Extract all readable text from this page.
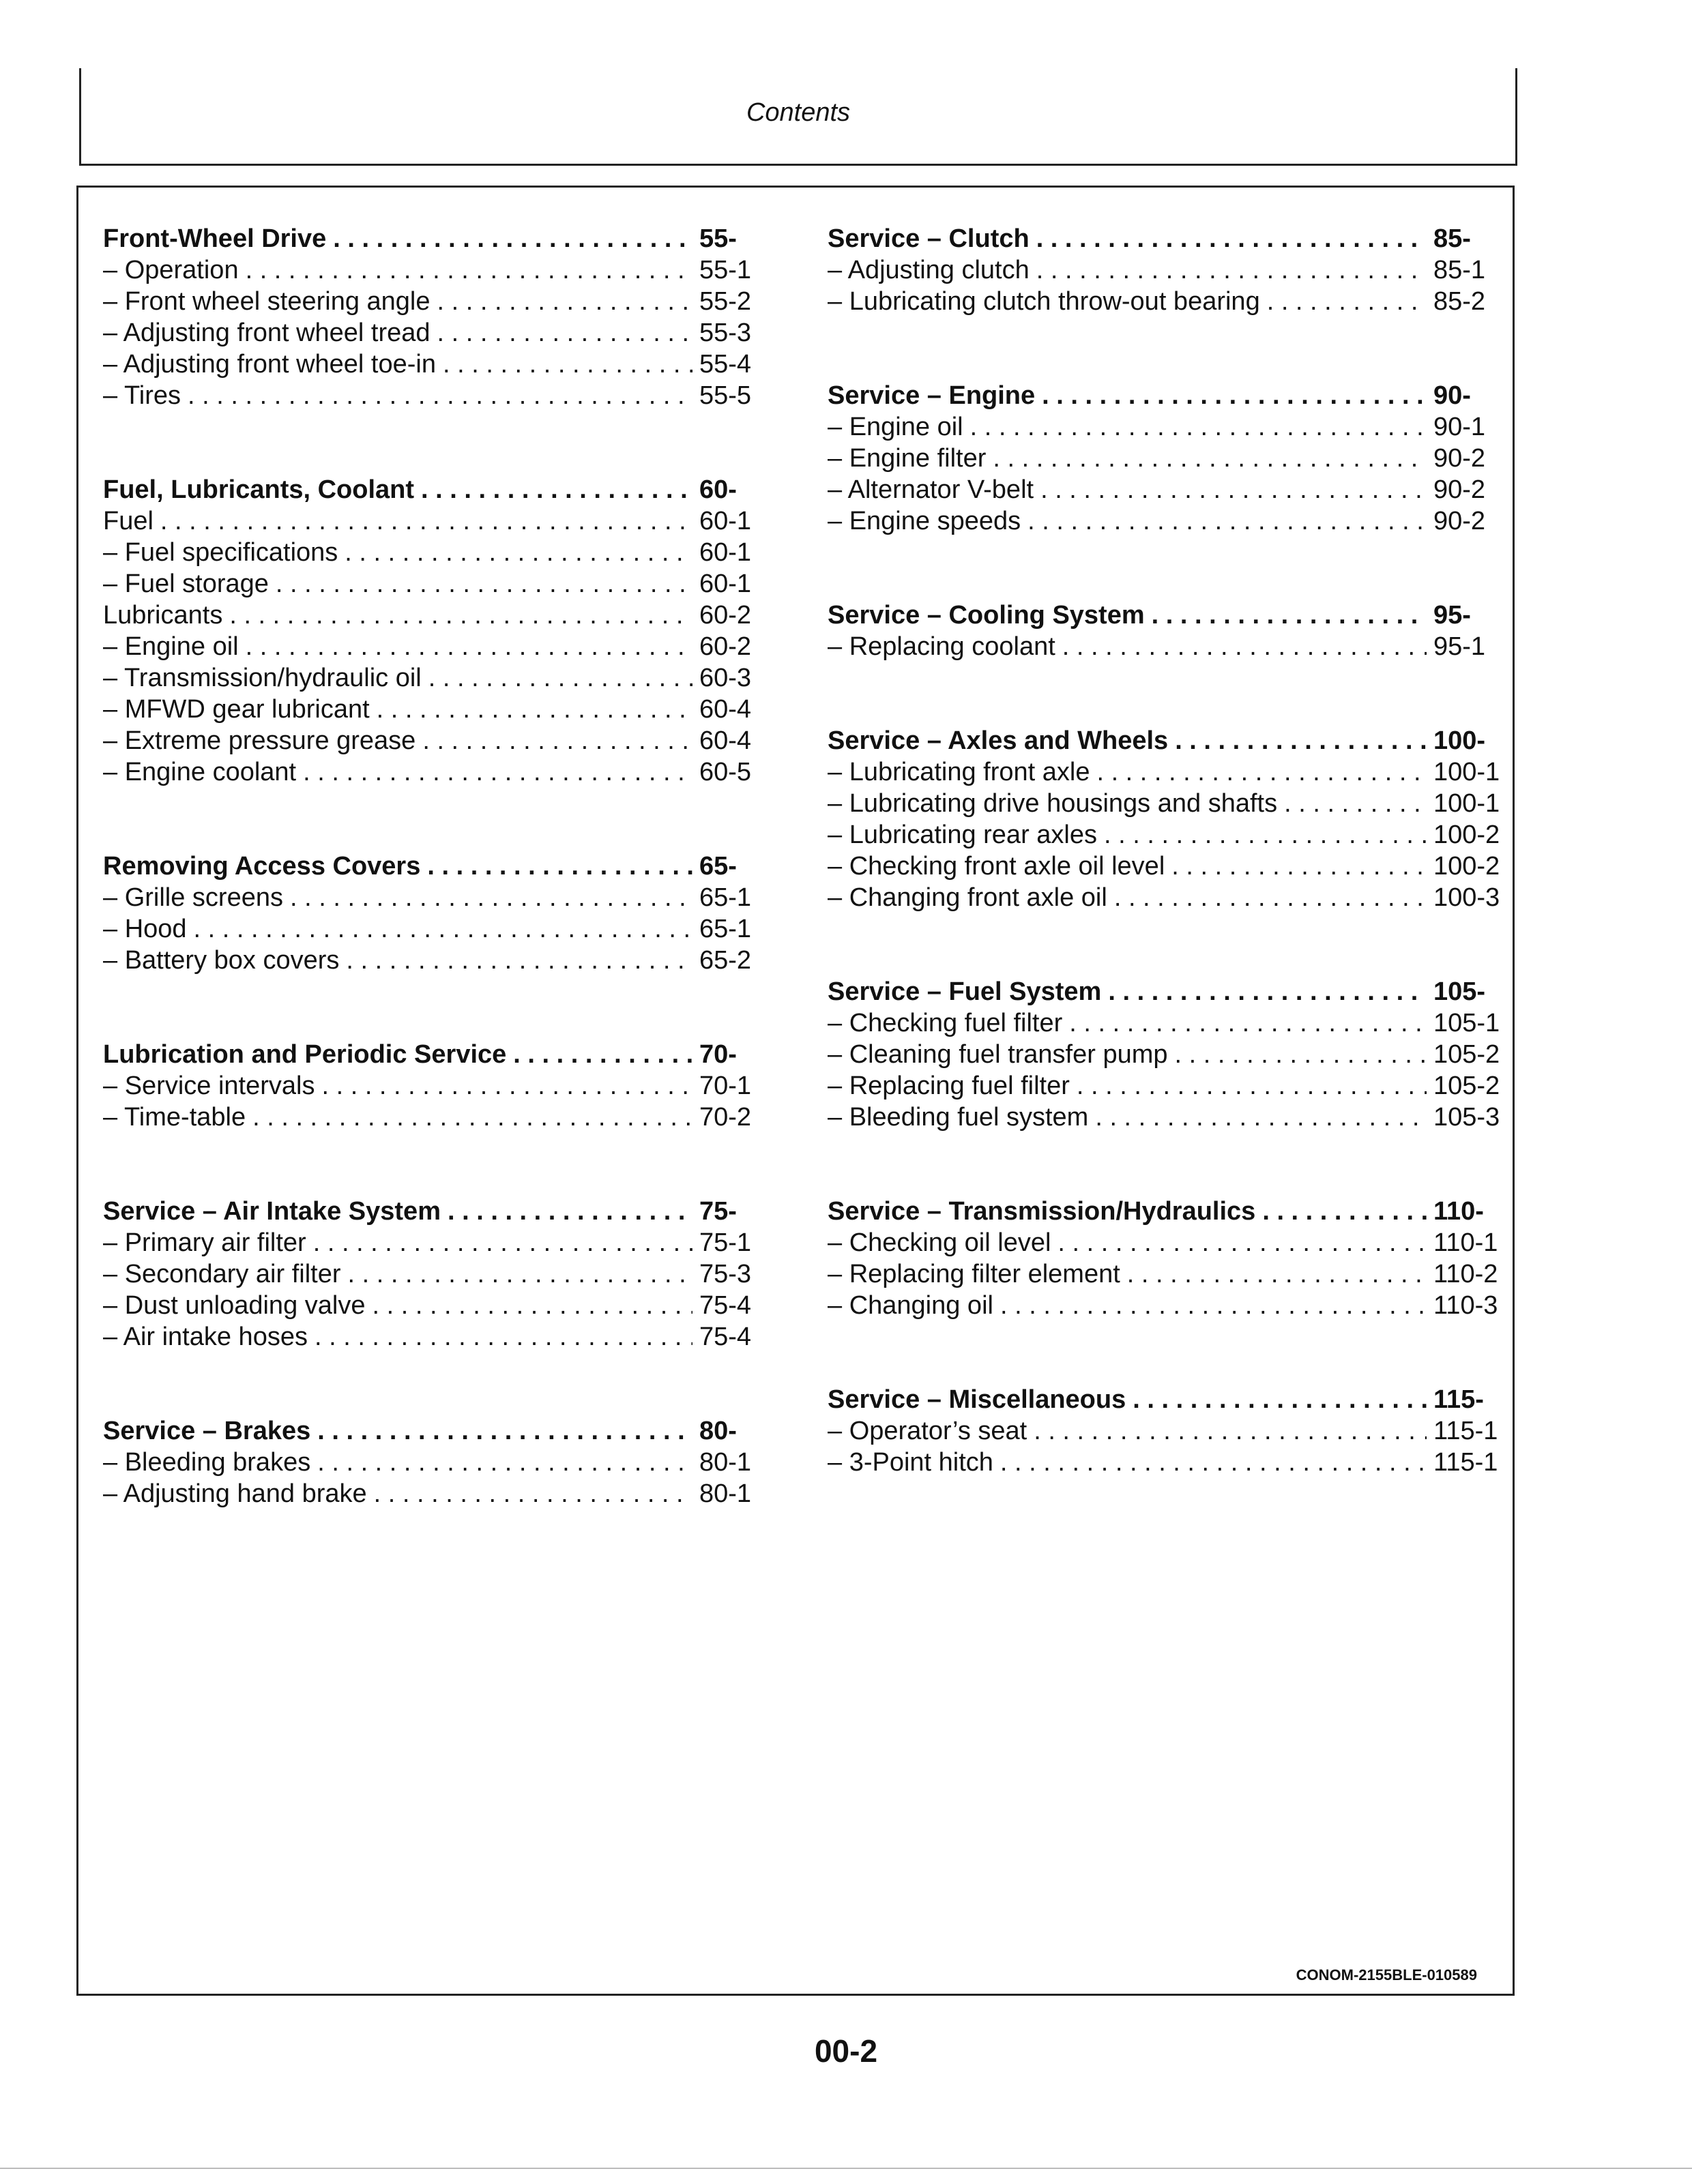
Contents
Front-Wheel Drive . . .	55-
– Operation . . .	55-1
– Front wheel steering angle . . .	55-2
– Adjusting front wheel tread . . .	55-3
– Adjusting front wheel toe-in . . .	55-4
– Tires . . .	55-5
Fuel, Lubricants, Coolant . . .	60-
Fuel . . .	60-1
– Fuel specifications . . .	60-1
– Fuel storage . . .	60-1
Lubricants . . .	60-2
– Engine oil . . .	60-2
– Transmission/hydraulic oil . . .	60-3
– MFWD gear lubricant . . .	60-4
– Extreme pressure grease . . .	60-4
– Engine coolant . . .	60-5
Removing Access Covers . . .	65-
– Grille screens . . .	65-1
– Hood . . .	65-1
– Battery box covers . . .	65-2
Lubrication and Periodic Service . . .	70-
– Service intervals . . .	70-1
– Time-table . . .	70-2
Service – Air Intake System . . .	75-
– Primary air filter . . .	75-1
– Secondary air filter . . .	75-3
– Dust unloading valve . . .	75-4
– Air intake hoses . . .	75-4
Service – Brakes . . .	80-
– Bleeding brakes . . .	80-1
– Adjusting hand brake . . .	80-1
Service – Clutch . . .	85-
– Adjusting clutch . . .	85-1
– Lubricating clutch throw-out bearing . . .	85-2
Service – Engine . . .	90-
– Engine oil . . .	90-1
– Engine filter . . .	90-2
– Alternator V-belt . . .	90-2
– Engine speeds . . .	90-2
Service – Cooling System . . .	95-
– Replacing coolant . . .	95-1
Service – Axles and Wheels . . .	100-
– Lubricating front axle . . .	100-1
– Lubricating drive housings and shafts . . .	100-1
– Lubricating rear axles . . .	100-2
– Checking front axle oil level . . .	100-2
– Changing front axle oil . . .	100-3
Service – Fuel System . . .	105-
– Checking fuel filter . . .	105-1
– Cleaning fuel transfer pump . . .	105-2
– Replacing fuel filter . . .	105-2
– Bleeding fuel system . . .	105-3
Service – Transmission/Hydraulics . . .	110-
– Checking oil level . . .	110-1
– Replacing filter element . . .	110-2
– Changing oil . . .	110-3
Service – Miscellaneous . . .	115-
– Operator’s seat . . .	115-1
– 3-Point hitch . . .	115-1
CONOM-2155BLE-010589
00-2
